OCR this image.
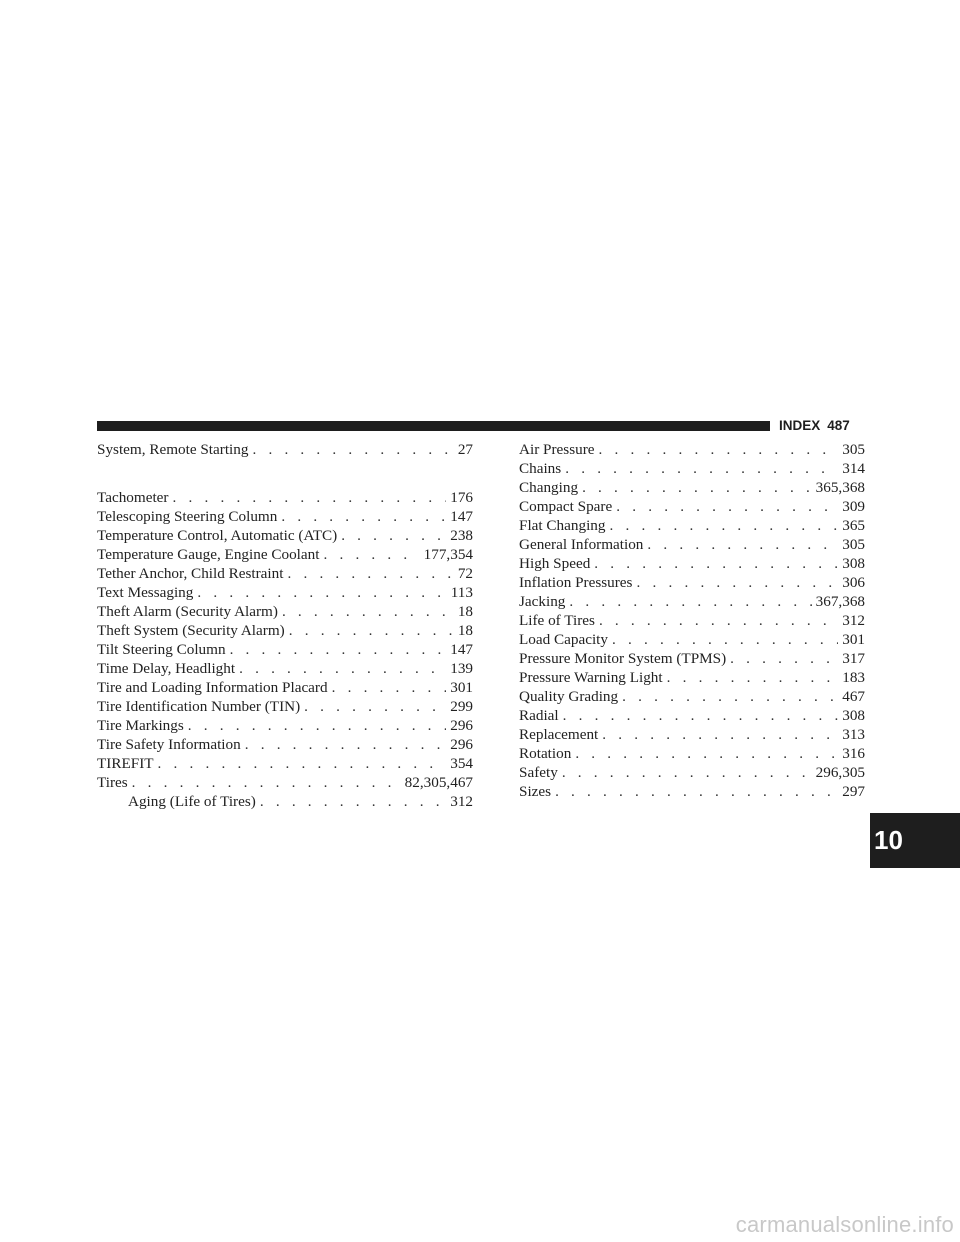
INDEX 487
System, Remote Starting . . .	27
Tachometer . . .	176
Telescoping Steering Column . . .	147
Temperature Control, Automatic (ATC) . . .	238
Temperature Gauge, Engine Coolant . . .	177,354
Tether Anchor, Child Restraint . . .	72
Text Messaging . . .	113
Theft Alarm (Security Alarm) . . .	18
Theft System (Security Alarm) . . .	18
Tilt Steering Column . . .	147
Time Delay, Headlight . . .	139
Tire and Loading Information Placard . . .	301
Tire Identification Number (TIN) . . .	299
Tire Markings . . .	296
Tire Safety Information . . .	296
TIREFIT . . .	354
Tires . . .	82,305,467
Aging (Life of Tires) . . .	312
Air Pressure . . .	305
Chains . . .	314
Changing . . .	365,368
Compact Spare . . .	309
Flat Changing . . .	365
General Information . . .	305
High Speed . . .	308
Inflation Pressures . . .	306
Jacking . . .	367,368
Life of Tires . . .	312
Load Capacity . . .	301
Pressure Monitor System (TPMS) . . .	317
Pressure Warning Light . . .	183
Quality Grading . . .	467
Radial . . .	308
Replacement . . .	313
Rotation . . .	316
Safety . . .	296,305
Sizes . . .	297
10
carmanualsonline.info
